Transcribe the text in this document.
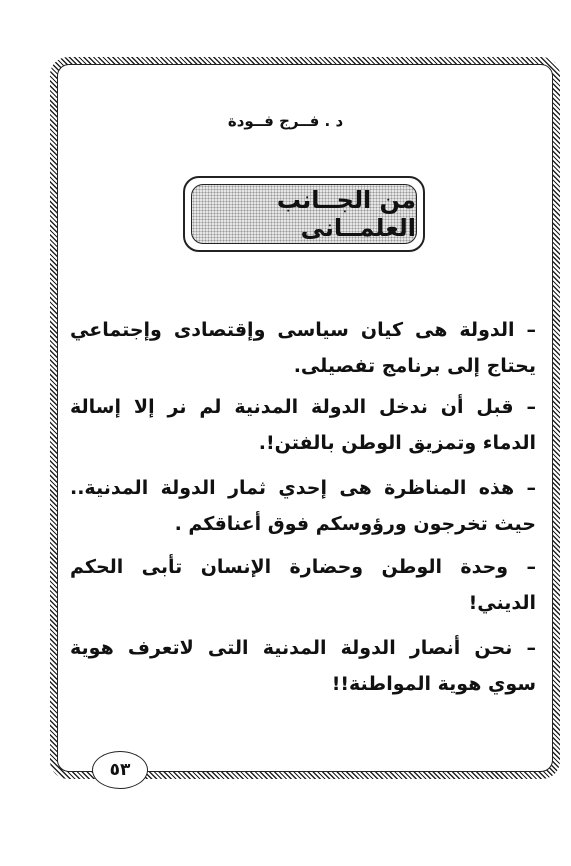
د . فــرج فــودة
من الجــانب العلمــانى
– الدولة هى كيان سياسى وإقتصادى وإجتماعي يحتاج إلى برنامج تفصيلى.
– قبل أن ندخل الدولة المدنية لم نر إلا إسالة الدماء وتمزيق الوطن بالفتن!.
– هذه المناظرة هى إحدي ثمار الدولة المدنية.. حيث تخرجون ورؤوسكم فوق أعناقكم .
– وحدة الوطن وحضارة الإنسان تأبى الحكم الديني!
– نحن أنصار الدولة المدنية التى لاتعرف هوية سوي هوية المواطنة!!
٥٣
